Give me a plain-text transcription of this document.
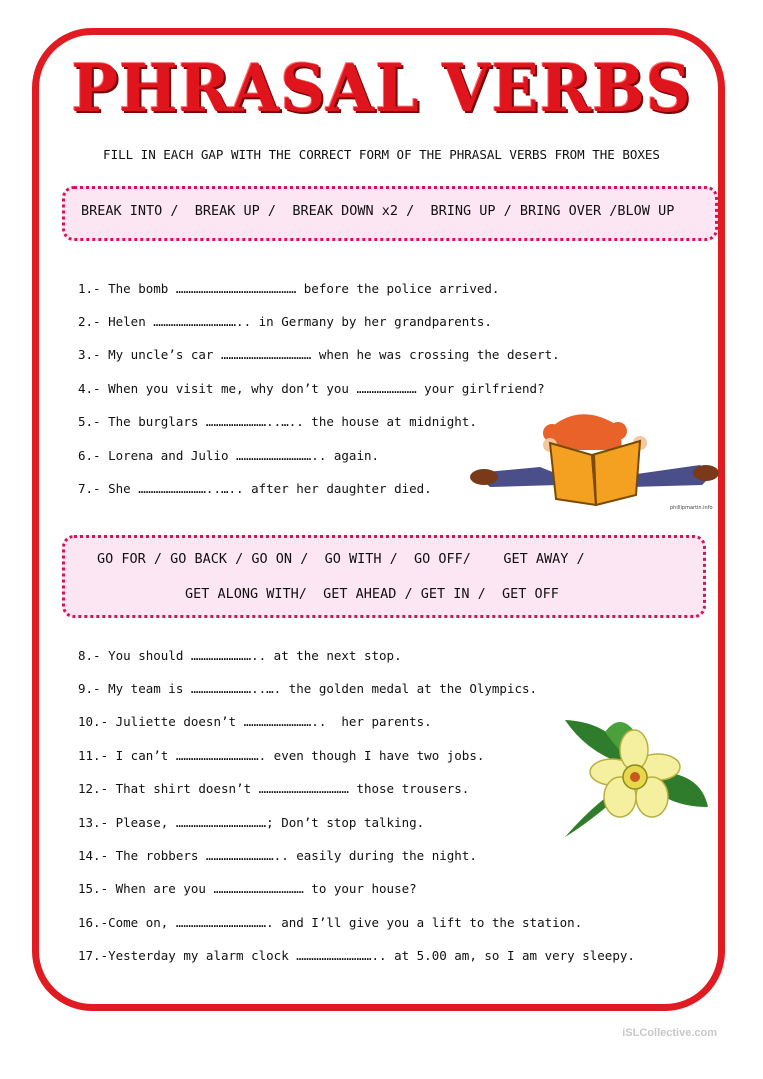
PHRASAL VERBS
FILL IN EACH GAP WITH THE CORRECT FORM OF THE PHRASAL VERBS FROM THE BOXES
BREAK INTO /  BREAK UP /  BREAK DOWN x2 /  BRING UP / BRING OVER /BLOW UP
1.- The bomb ………………………………………… before the police arrived.
2.- Helen …………………………….. in Germany by her grandparents.
3.- My uncle’s car ……………………………… when he was crossing the desert.
4.- When you visit me, why don’t you …………………… your girlfriend?
5.- The burglars ……………………..….. the house at midnight.
6.- Lorena and Julio ………………………….. again.
7.- She ………………………..….. after her daughter died.
phillipmartin.info
GO FOR / GO BACK / GO ON /  GO WITH /  GO OFF/    GET AWAY /
GET ALONG WITH/  GET AHEAD / GET IN /  GET OFF
8.- You should …………………….. at the next stop.
9.- My team is ……………………..…. the golden medal at the Olympics.
10.- Juliette doesn’t ………………………..  her parents.
11.- I can’t ……………………………. even though I have two jobs.
12.- That shirt doesn’t ……………………………… those trousers.
13.- Please, ………………………………; Don’t stop talking.
14.- The robbers ……………………….. easily during the night.
15.- When are you ……………………………… to your house?
16.-Come on, ………………………………. and I’ll give you a lift to the station.
17.-Yesterday my alarm clock ………………………….. at 5.00 am, so I am very sleepy.
iSLCollective.com
